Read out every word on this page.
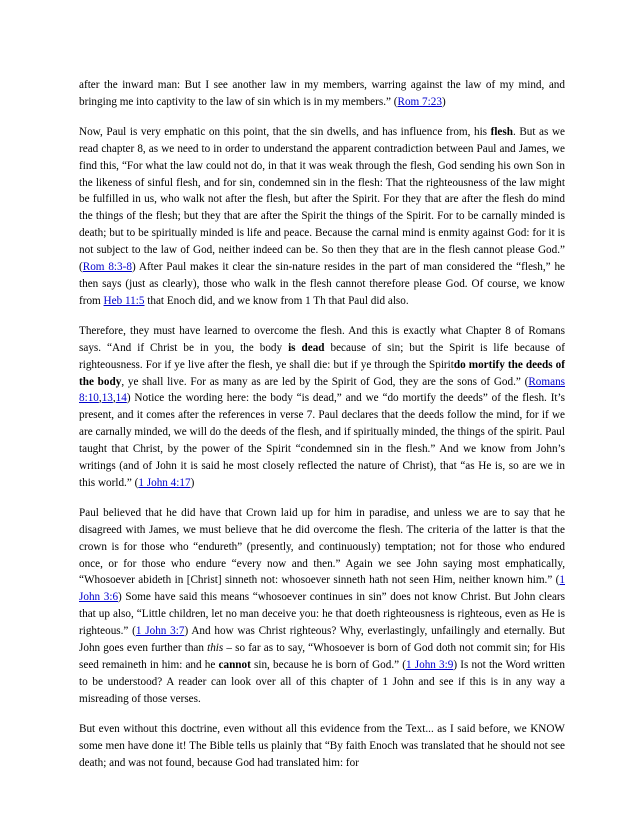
after the inward man: But I see another law in my members, warring against the law of my mind, and bringing me into captivity to the law of sin which is in my members.” (Rom 7:23)
Now, Paul is very emphatic on this point, that the sin dwells, and has influence from, his flesh. But as we read chapter 8, as we need to in order to understand the apparent contradiction between Paul and James, we find this, “For what the law could not do, in that it was weak through the flesh, God sending his own Son in the likeness of sinful flesh, and for sin, condemned sin in the flesh: That the righteousness of the law might be fulfilled in us, who walk not after the flesh, but after the Spirit. For they that are after the flesh do mind the things of the flesh; but they that are after the Spirit the things of the Spirit. For to be carnally minded is death; but to be spiritually minded is life and peace. Because the carnal mind is enmity against God: for it is not subject to the law of God, neither indeed can be. So then they that are in the flesh cannot please God.” (Rom 8:3-8) After Paul makes it clear the sin-nature resides in the part of man considered the “flesh,” he then says (just as clearly), those who walk in the flesh cannot therefore please God. Of course, we know from Heb 11:5 that Enoch did, and we know from 1 Th that Paul did also.
Therefore, they must have learned to overcome the flesh. And this is exactly what Chapter 8 of Romans says. “And if Christ be in you, the body is dead because of sin; but the Spirit is life because of righteousness. For if ye live after the flesh, ye shall die: but if ye through the Spiritdo mortify the deeds of the body, ye shall live. For as many as are led by the Spirit of God, they are the sons of God.” (Romans 8:10,13,14) Notice the wording here: the body “is dead,” and we “do mortify the deeds” of the flesh. It’s present, and it comes after the references in verse 7. Paul declares that the deeds follow the mind, for if we are carnally minded, we will do the deeds of the flesh, and if spiritually minded, the things of the spirit. Paul taught that Christ, by the power of the Spirit “condemned sin in the flesh.” And we know from John’s writings (and of John it is said he most closely reflected the nature of Christ), that “as He is, so are we in this world.” (1 John 4:17)
Paul believed that he did have that Crown laid up for him in paradise, and unless we are to say that he disagreed with James, we must believe that he did overcome the flesh. The criteria of the latter is that the crown is for those who “endureth” (presently, and continuously) temptation; not for those who endured once, or for those who endure “every now and then.” Again we see John saying most emphatically, “Whosoever abideth in [Christ] sinneth not: whosoever sinneth hath not seen Him, neither known him.” (1 John 3:6) Some have said this means “whosoever continues in sin” does not know Christ. But John clears that up also, “Little children, let no man deceive you: he that doeth righteousness is righteous, even as He is righteous.” (1 John 3:7) And how was Christ righteous? Why, everlastingly, unfailingly and eternally. But John goes even further than this – so far as to say, “Whosoever is born of God doth not commit sin; for His seed remaineth in him: and he cannot sin, because he is born of God.” (1 John 3:9) Is not the Word written to be understood? A reader can look over all of this chapter of 1 John and see if this is in any way a misreading of those verses.
But even without this doctrine, even without all this evidence from the Text... as I said before, we KNOW some men have done it! The Bible tells us plainly that “By faith Enoch was translated that he should not see death; and was not found, because God had translated him: for
